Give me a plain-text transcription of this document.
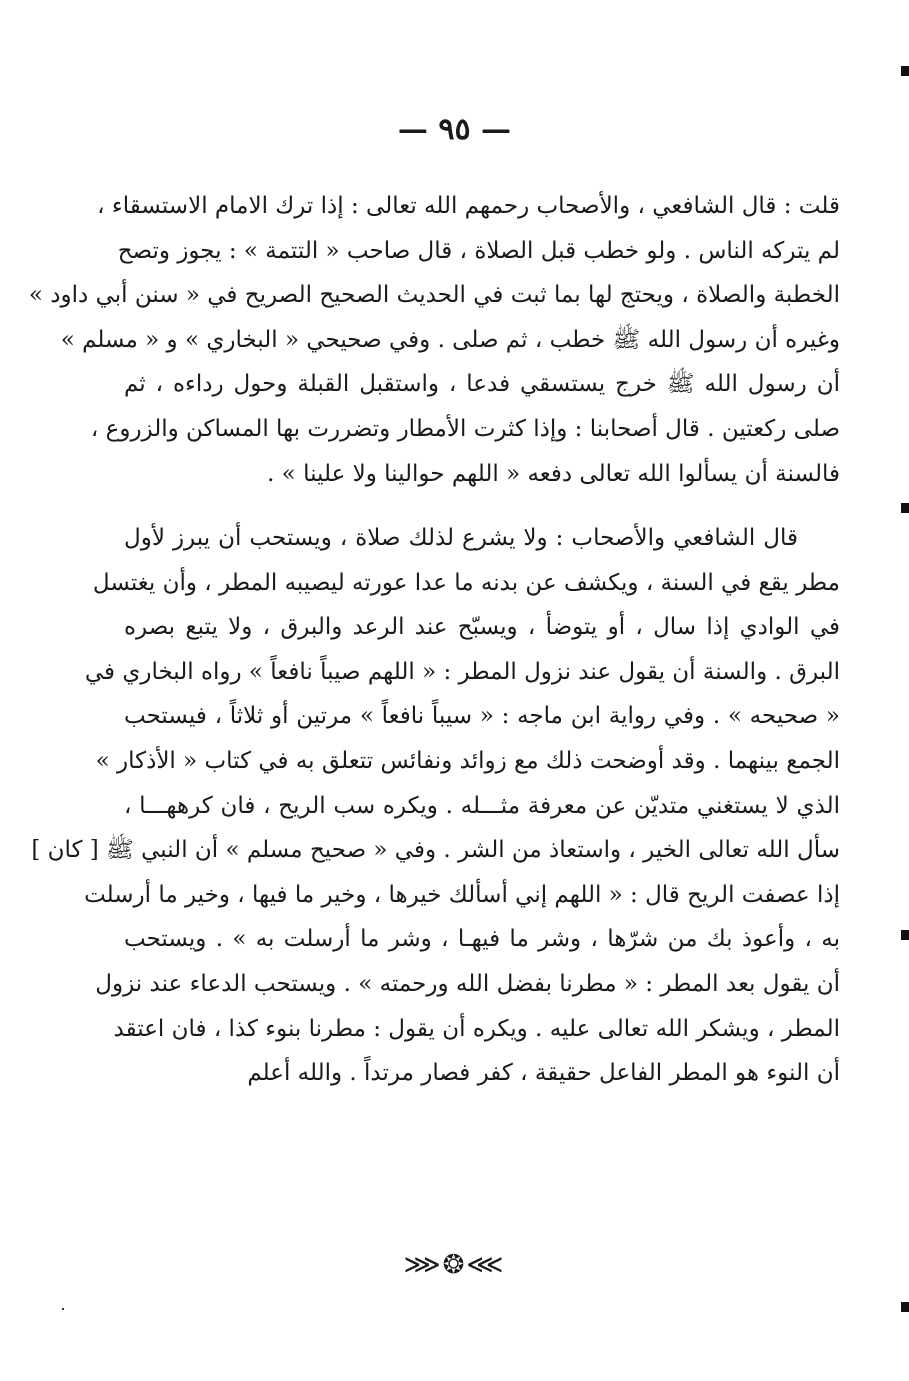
— ٩٥ —
قلت : قال الشافعي ، والأصحاب رحمهم الله تعالى : إذا ترك الامام الاستسقاء ،
لم يتركه الناس . ولو خطب قبل الصلاة ، قال صاحب « التتمة » : يجوز وتصح
الخطبة والصلاة ، ويحتج لها بما ثبت في الحديث الصحيح الصريح في « سنن أبي داود »
وغيره أن رسول الله ﷺ خطب ، ثم صلى . وفي صحيحي « البخاري » و « مسلم »
أن رسول الله ﷺ خرج يستسقي فدعا ، واستقبل القبلة وحول رداءه ، ثم
صلى ركعتين . قال أصحابنا : وإذا كثرت الأمطار وتضررت بها المساكن والزروع ،
فالسنة أن يسألوا الله تعالى دفعه « اللهم حوالينا ولا علينا » .
قال الشافعي والأصحاب : ولا يشرع لذلك صلاة ، ويستحب أن يبرز لأول
مطر يقع في السنة ، ويكشف عن بدنه ما عدا عورته ليصيبه المطر ، وأن يغتسل
في الوادي إذا سال ، أو يتوضأ ، ويسبّح عند الرعد والبرق ، ولا يتبع بصره
البرق . والسنة أن يقول عند نزول المطر : « اللهم صيباً نافعاً » رواه البخاري في
« صحيحه » . وفي رواية ابن ماجه : « سيباً نافعاً » مرتين أو ثلاثاً ، فيستحب
الجمع بينهما . وقد أوضحت ذلك مع زوائد ونفائس تتعلق به في كتاب « الأذكار »
الذي لا يستغني متديّن عن معرفة مثـــله . ويكره سب الريح ، فان كرههـــا ،
سأل الله تعالى الخير ، واستعاذ من الشر . وفي « صحيح مسلم » أن النبي ﷺ [ كان ]
إذا عصفت الريح قال : « اللهم إني أسألك خيرها ، وخير ما فيها ، وخير ما أرسلت
به ، وأعوذ بك من شرّها ، وشر ما فيهـا ، وشر ما أرسلت به » . ويستحب
أن يقول بعد المطر : « مطرنا بفضل الله ورحمته » . ويستحب الدعاء عند نزول
المطر ، ويشكر الله تعالى عليه . ويكره أن يقول : مطرنا بنوء كذا ، فان اعتقد
أن النوء هو المطر الفاعل حقيقة ، كفر فصار مرتداً . والله أعلم
⋙❂⋘
